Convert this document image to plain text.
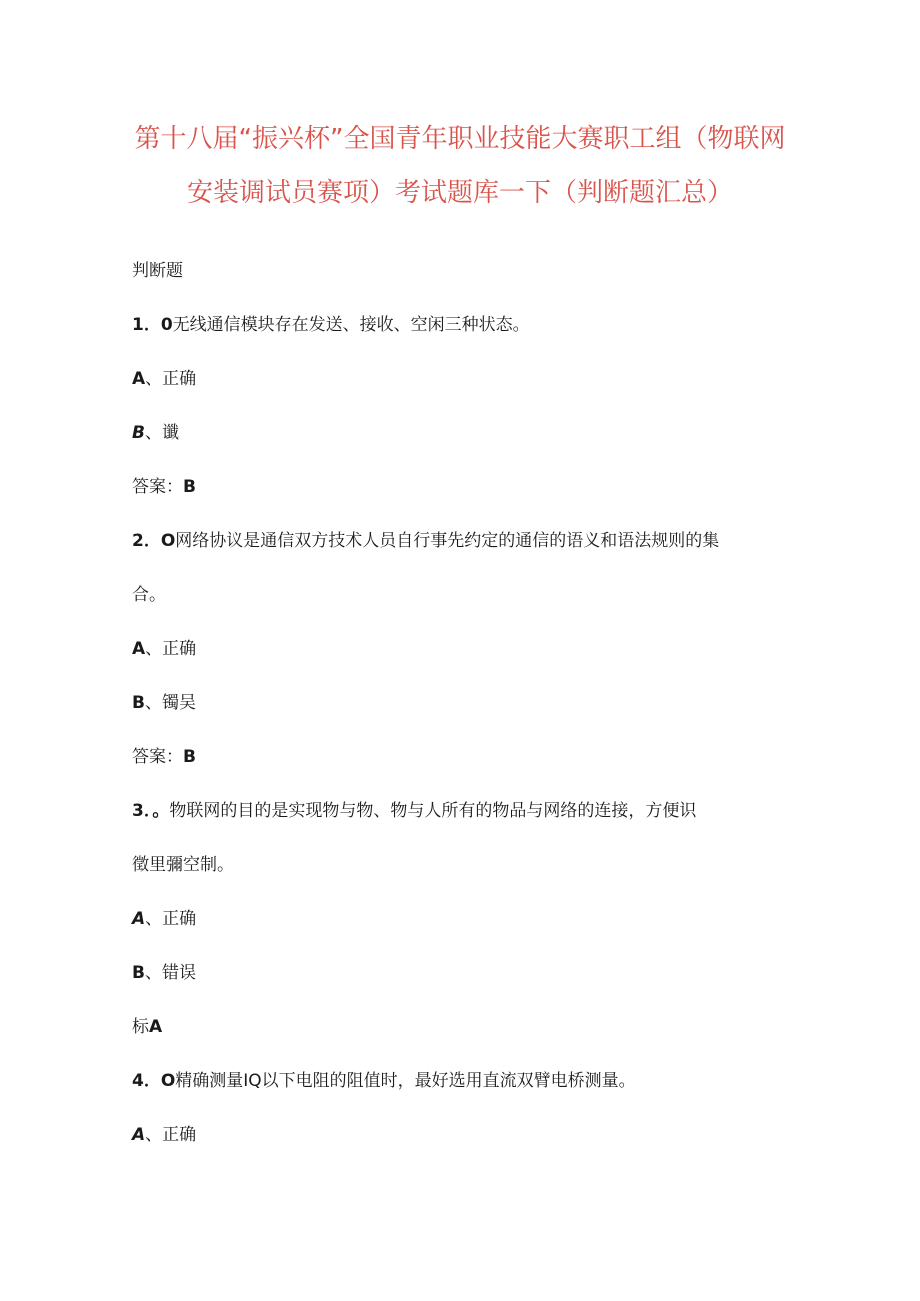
第十八届“振兴杯”全国青年职业技能大赛职工组（物联网
安装调试员赛项）考试题库一下（判断题汇总）

判断题

1．0无线通信模块存在发送、接收、空闲三种状态。

A、正确

B、谶

答案：B

2．O网络协议是通信双方技术人员自行事先约定的通信的语义和语法规则的集

合。

A、正确

B、镯吴

答案：B

3．。物联网的目的是实现物与物、物与人所有的物品与网络的连接，方便识

徵里彌空制。

A、正确

B、错误

标A

4．O精确测量IQ以下电阻的阻值时，最好选用直流双臂电桥测量。

A、正确
